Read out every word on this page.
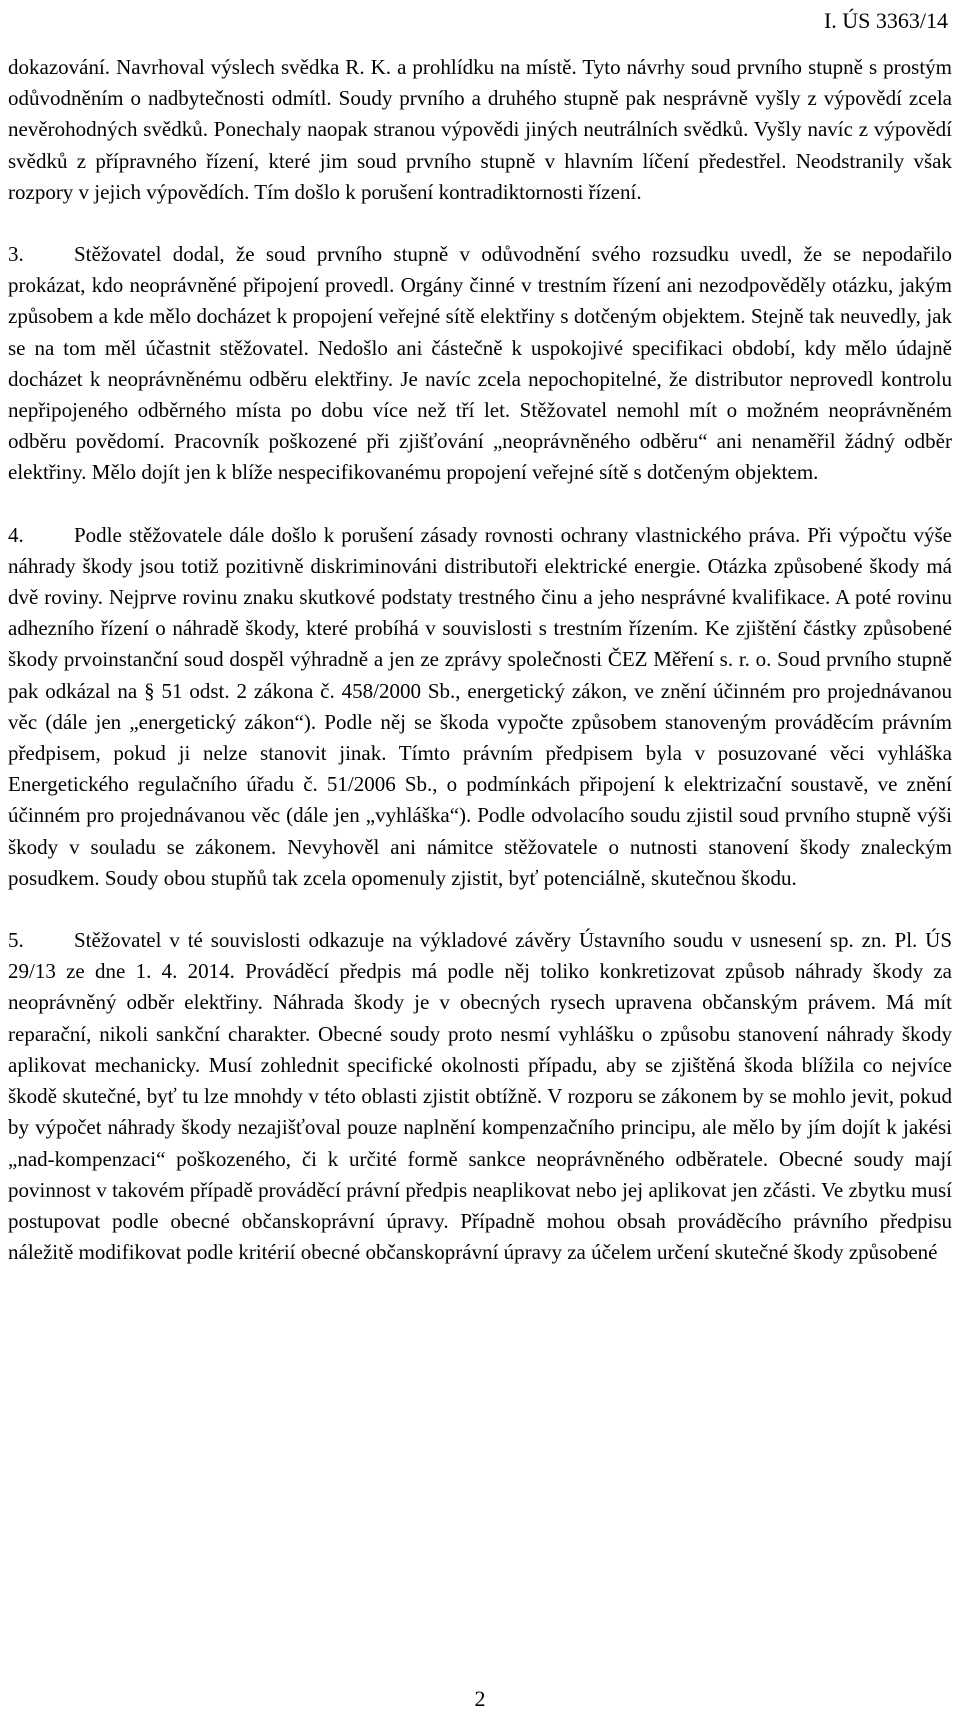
I. ÚS 3363/14

dokazování. Navrhoval výslech svědka R. K. a prohlídku na místě. Tyto návrhy soud prvního stupně s prostým odůvodněním o nadbytečnosti odmítl. Soudy prvního a druhého stupně pak nesprávně vyšly z výpovědí zcela nevěrohodných svědků. Ponechaly naopak stranou výpovědi jiných neutrálních svědků. Vyšly navíc z výpovědí svědků z přípravného řízení, které jim soud prvního stupně v hlavním líčení předestřel. Neodstranily však rozpory v jejich výpovědích. Tím došlo k porušení kontradiktornosti řízení.

3. Stěžovatel dodal, že soud prvního stupně v odůvodnění svého rozsudku uvedl, že se nepodařilo prokázat, kdo neoprávněné připojení provedl. Orgány činné v trestním řízení ani nezodpověděly otázku, jakým způsobem a kde mělo docházet k propojení veřejné sítě elektřiny s dotčeným objektem. Stejně tak neuvedly, jak se na tom měl účastnit stěžovatel. Nedošlo ani částečně k uspokojivé specifikaci období, kdy mělo údajně docházet k neoprávněnému odběru elektřiny. Je navíc zcela nepochopitelné, že distributor neprovedl kontrolu nepřipojeného odběrného místa po dobu více než tří let. Stěžovatel nemohl mít o možném neoprávněném odběru povědomí. Pracovník poškozené při zjišťování „neoprávněného odběru“ ani nenaměřil žádný odběr elektřiny. Mělo dojít jen k blíže nespecifikovanému propojení veřejné sítě s dotčeným objektem.

4. Podle stěžovatele dále došlo k porušení zásady rovnosti ochrany vlastnického práva. Při výpočtu výše náhrady škody jsou totiž pozitivně diskriminováni distributoři elektrické energie. Otázka způsobené škody má dvě roviny. Nejprve rovinu znaku skutkové podstaty trestného činu a jeho nesprávné kvalifikace. A poté rovinu adhezního řízení o náhradě škody, které probíhá v souvislosti s trestním řízením. Ke zjištění částky způsobené škody prvoinstanční soud dospěl výhradně a jen ze zprávy společnosti ČEZ Měření s. r. o. Soud prvního stupně pak odkázal na § 51 odst. 2 zákona č. 458/2000 Sb., energetický zákon, ve znění účinném pro projednávanou věc (dále jen „energetický zákon“). Podle něj se škoda vypočte způsobem stanoveným prováděcím právním předpisem, pokud ji nelze stanovit jinak. Tímto právním předpisem byla v posuzované věci vyhláška Energetického regulačního úřadu č. 51/2006 Sb., o podmínkách připojení k elektrizační soustavě, ve znění účinném pro projednávanou věc (dále jen „vyhláška“). Podle odvolacího soudu zjistil soud prvního stupně výši škody v souladu se zákonem. Nevyhověl ani námitce stěžovatele o nutnosti stanovení škody znaleckým posudkem. Soudy obou stupňů tak zcela opomenuly zjistit, byť potenciálně, skutečnou škodu.

5. Stěžovatel v té souvislosti odkazuje na výkladové závěry Ústavního soudu v usnesení sp. zn. Pl. ÚS 29/13 ze dne 1. 4. 2014. Prováděcí předpis má podle něj toliko konkretizovat způsob náhrady škody za neoprávněný odběr elektřiny. Náhrada škody je v obecných rysech upravena občanským právem. Má mít reparační, nikoli sankční charakter. Obecné soudy proto nesmí vyhlášku o způsobu stanovení náhrady škody aplikovat mechanicky. Musí zohlednit specifické okolnosti případu, aby se zjištěná škoda blížila co nejvíce škodě skutečné, byť tu lze mnohdy v této oblasti zjistit obtížně. V rozporu se zákonem by se mohlo jevit, pokud by výpočet náhrady škody nezajišťoval pouze naplnění kompenzačního principu, ale mělo by jím dojít k jakési „nad-kompenzaci“ poškozeného, či k určité formě sankce neoprávněného odběratele. Obecné soudy mají povinnost v takovém případě prováděcí právní předpis neaplikovat nebo jej aplikovat jen zčásti. Ve zbytku musí postupovat podle obecné občanskoprávní úpravy. Případně mohou obsah prováděcího právního předpisu náležitě modifikovat podle kritérií obecné občanskoprávní úpravy za účelem určení skutečné škody způsobené

2
